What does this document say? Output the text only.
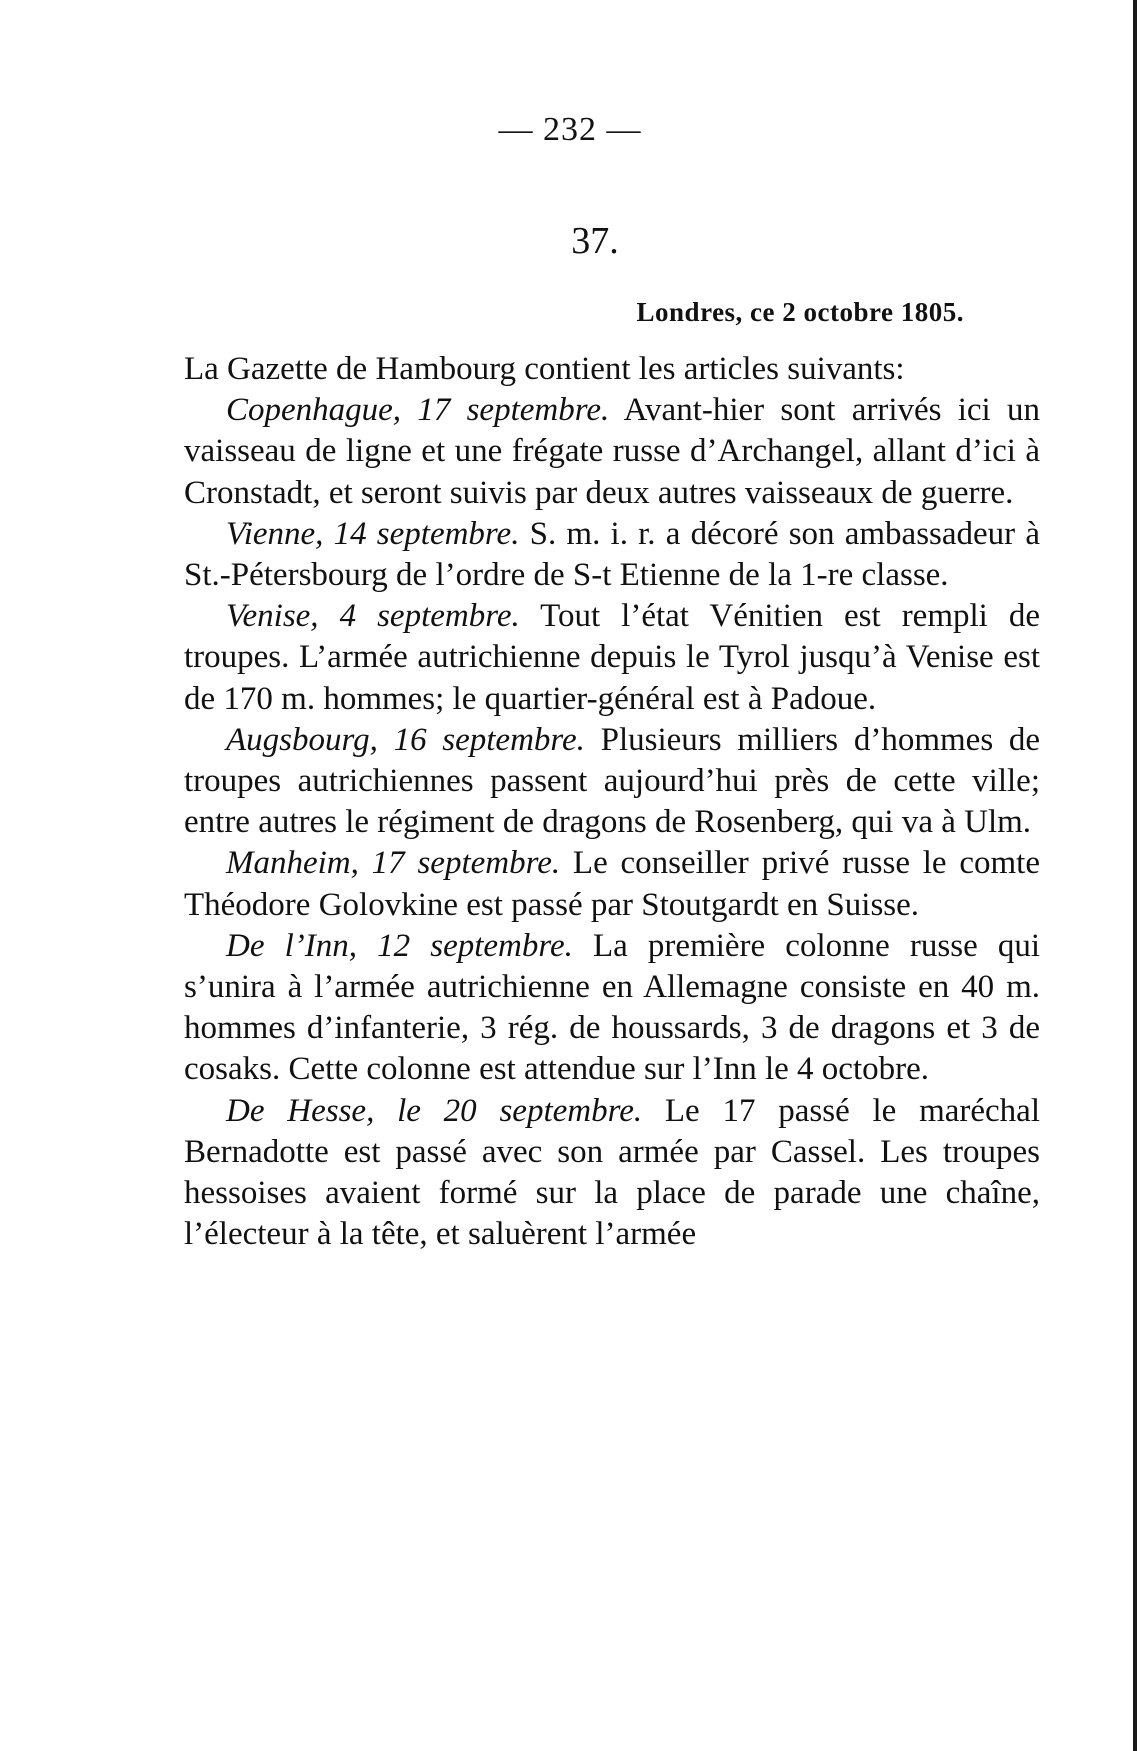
— 232 —
37.
Londres, ce 2 octobre 1805.

La Gazette de Hambourg contient les articles suivants:

Copenhague, 17 septembre. Avant-hier sont arrivés ici un vaisseau de ligne et une frégate russe d’Archangel, allant d’ici à Cronstadt, et seront suivis par deux autres vaisseaux de guerre.

Vienne, 14 septembre. S. m. i. r. a décoré son ambassadeur à St.-Pétersbourg de l’ordre de S-t Etienne de la 1-re classe.

Venise, 4 septembre. Tout l’état Vénitien est rempli de troupes. L’armée autrichienne depuis le Tyrol jusqu’à Venise est de 170 m. hommes; le quartier-général est à Padoue.

Augsbourg, 16 septembre. Plusieurs milliers d’hommes de troupes autrichiennes passent aujourd’hui près de cette ville; entre autres le régiment de dragons de Rosenberg, qui va à Ulm.

Manheim, 17 septembre. Le conseiller privé russe le comte Théodore Golovkine est passé par Stoutgardt en Suisse.

De l’Inn, 12 septembre. La première colonne russe qui s’unira à l’armée autrichienne en Allemagne consiste en 40 m. hommes d’infanterie, 3 rég. de houssards, 3 de dragons et 3 de cosaks. Cette colonne est attendue sur l’Inn le 4 octobre.

De Hesse, le 20 septembre. Le 17 passé le maréchal Bernadotte est passé avec son armée par Cassel. Les troupes hessoises avaient formé sur la place de parade une chaîne, l’électeur à la tête, et saluèrent l’armée
